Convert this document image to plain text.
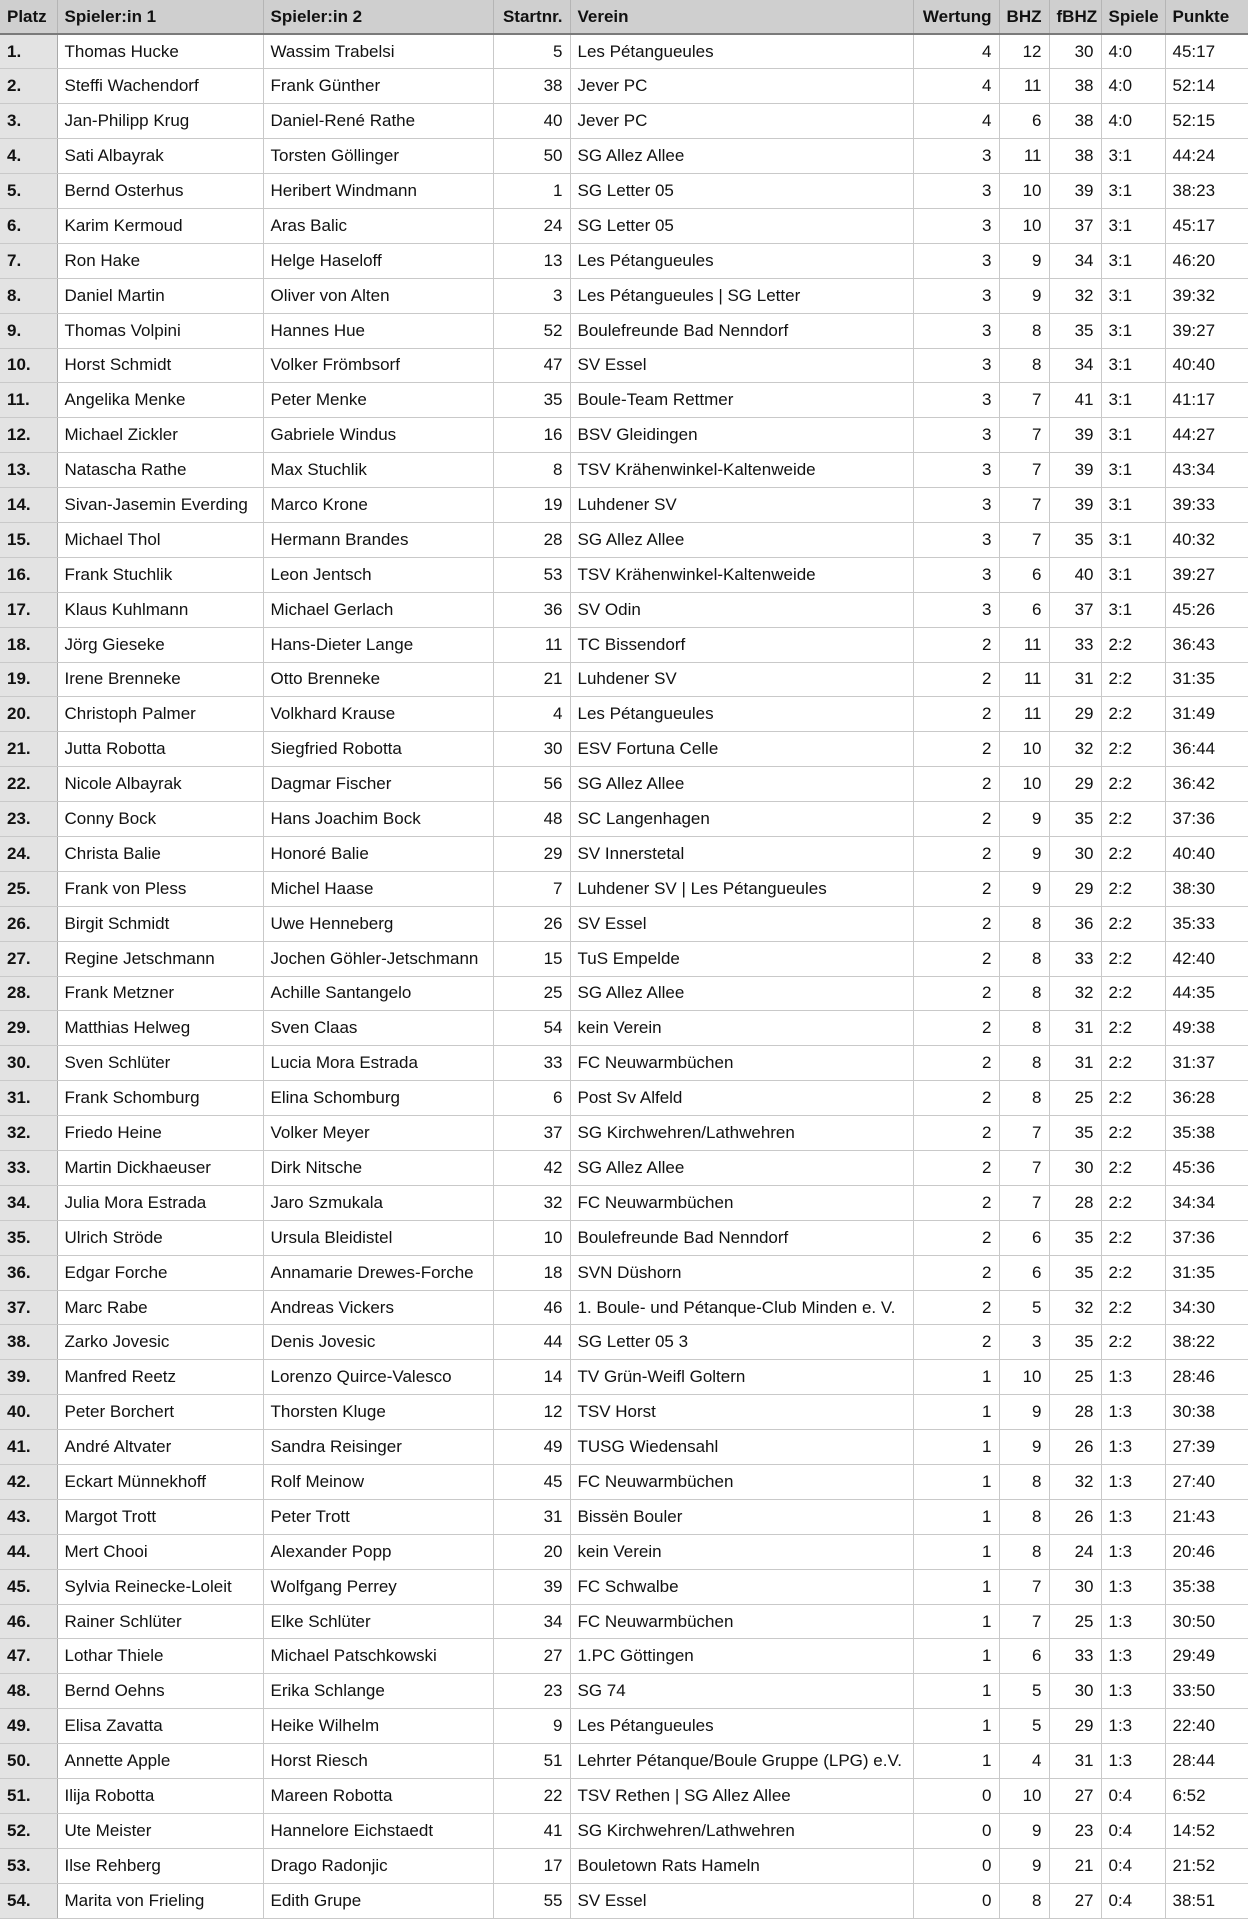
Platz	Spieler:in 1	Spieler:in 2	Startnr.	Verein	Wertung	BHZ	fBHZ	Spiele	Punkte
1.	Thomas Hucke	Wassim Trabelsi	5	Les Pétangueules	4	12	30	4:0	45:17
2.	Steffi Wachendorf	Frank Günther	38	Jever PC	4	11	38	4:0	52:14
3.	Jan-Philipp Krug	Daniel-René Rathe	40	Jever PC	4	6	38	4:0	52:15
4.	Sati Albayrak	Torsten Göllinger	50	SG Allez Allee	3	11	38	3:1	44:24
5.	Bernd Osterhus	Heribert Windmann	1	SG Letter 05	3	10	39	3:1	38:23
6.	Karim Kermoud	Aras Balic	24	SG Letter 05	3	10	37	3:1	45:17
7.	Ron Hake	Helge Haseloff	13	Les Pétangueules	3	9	34	3:1	46:20
8.	Daniel Martin	Oliver von Alten	3	Les Pétangueules | SG Letter	3	9	32	3:1	39:32
9.	Thomas Volpini	Hannes Hue	52	Boulefreunde Bad Nenndorf	3	8	35	3:1	39:27
10.	Horst Schmidt	Volker Frömbsorf	47	SV Essel	3	8	34	3:1	40:40
11.	Angelika Menke	Peter Menke	35	Boule-Team Rettmer	3	7	41	3:1	41:17
12.	Michael Zickler	Gabriele Windus	16	BSV Gleidingen	3	7	39	3:1	44:27
13.	Natascha Rathe	Max Stuchlik	8	TSV Krähenwinkel-Kaltenweide	3	7	39	3:1	43:34
14.	Sivan-Jasemin Everding	Marco Krone	19	Luhdener SV	3	7	39	3:1	39:33
15.	Michael Thol	Hermann Brandes	28	SG Allez Allee	3	7	35	3:1	40:32
16.	Frank Stuchlik	Leon Jentsch	53	TSV Krähenwinkel-Kaltenweide	3	6	40	3:1	39:27
17.	Klaus Kuhlmann	Michael Gerlach	36	SV Odin	3	6	37	3:1	45:26
18.	Jörg Gieseke	Hans-Dieter Lange	11	TC Bissendorf	2	11	33	2:2	36:43
19.	Irene Brenneke	Otto Brenneke	21	Luhdener SV	2	11	31	2:2	31:35
20.	Christoph Palmer	Volkhard Krause	4	Les Pétangueules	2	11	29	2:2	31:49
21.	Jutta Robotta	Siegfried Robotta	30	ESV Fortuna Celle	2	10	32	2:2	36:44
22.	Nicole Albayrak	Dagmar Fischer	56	SG Allez Allee	2	10	29	2:2	36:42
23.	Conny Bock	Hans Joachim Bock	48	SC Langenhagen	2	9	35	2:2	37:36
24.	Christa Balie	Honoré Balie	29	SV Innerstetal	2	9	30	2:2	40:40
25.	Frank von Pless	Michel Haase	7	Luhdener SV | Les Pétangueules	2	9	29	2:2	38:30
26.	Birgit Schmidt	Uwe Henneberg	26	SV Essel	2	8	36	2:2	35:33
27.	Regine Jetschmann	Jochen Göhler-Jetschmann	15	TuS Empelde	2	8	33	2:2	42:40
28.	Frank Metzner	Achille Santangelo	25	SG Allez Allee	2	8	32	2:2	44:35
29.	Matthias Helweg	Sven Claas	54	kein Verein	2	8	31	2:2	49:38
30.	Sven Schlüter	Lucia Mora Estrada	33	FC Neuwarmbüchen	2	8	31	2:2	31:37
31.	Frank Schomburg	Elina Schomburg	6	Post Sv Alfeld	2	8	25	2:2	36:28
32.	Friedo Heine	Volker Meyer	37	SG Kirchwehren/Lathwehren	2	7	35	2:2	35:38
33.	Martin Dickhaeuser	Dirk Nitsche	42	SG Allez Allee	2	7	30	2:2	45:36
34.	Julia Mora Estrada	Jaro Szmukala	32	FC Neuwarmbüchen	2	7	28	2:2	34:34
35.	Ulrich Ströde	Ursula Bleidistel	10	Boulefreunde Bad Nenndorf	2	6	35	2:2	37:36
36.	Edgar Forche	Annamarie Drewes-Forche	18	SVN Düshorn	2	6	35	2:2	31:35
37.	Marc Rabe	Andreas Vickers	46	1. Boule- und Pétanque-Club Minden e. V.	2	5	32	2:2	34:30
38.	Zarko Jovesic	Denis Jovesic	44	SG Letter 05 3	2	3	35	2:2	38:22
39.	Manfred Reetz	Lorenzo Quirce-Valesco	14	TV Grün-Weifl Goltern	1	10	25	1:3	28:46
40.	Peter Borchert	Thorsten Kluge	12	TSV Horst	1	9	28	1:3	30:38
41.	André Altvater	Sandra Reisinger	49	TUSG Wiedensahl	1	9	26	1:3	27:39
42.	Eckart Münnekhoff	Rolf Meinow	45	FC Neuwarmbüchen	1	8	32	1:3	27:40
43.	Margot Trott	Peter Trott	31	Bissën Bouler	1	8	26	1:3	21:43
44.	Mert Chooi	Alexander Popp	20	kein Verein	1	8	24	1:3	20:46
45.	Sylvia Reinecke-Loleit	Wolfgang Perrey	39	FC Schwalbe	1	7	30	1:3	35:38
46.	Rainer Schlüter	Elke Schlüter	34	FC Neuwarmbüchen	1	7	25	1:3	30:50
47.	Lothar Thiele	Michael Patschkowski	27	1.PC Göttingen	1	6	33	1:3	29:49
48.	Bernd Oehns	Erika Schlange	23	SG 74	1	5	30	1:3	33:50
49.	Elisa Zavatta	Heike Wilhelm	9	Les Pétangueules	1	5	29	1:3	22:40
50.	Annette Apple	Horst Riesch	51	Lehrter Pétanque/Boule Gruppe (LPG) e.V.	1	4	31	1:3	28:44
51.	Ilija Robotta	Mareen Robotta	22	TSV Rethen | SG Allez Allee	0	10	27	0:4	6:52
52.	Ute Meister	Hannelore Eichstaedt	41	SG Kirchwehren/Lathwehren	0	9	23	0:4	14:52
53.	Ilse Rehberg	Drago Radonjic	17	Bouletown Rats Hameln	0	9	21	0:4	21:52
54.	Marita von Frieling	Edith Grupe	55	SV Essel	0	8	27	0:4	38:51
